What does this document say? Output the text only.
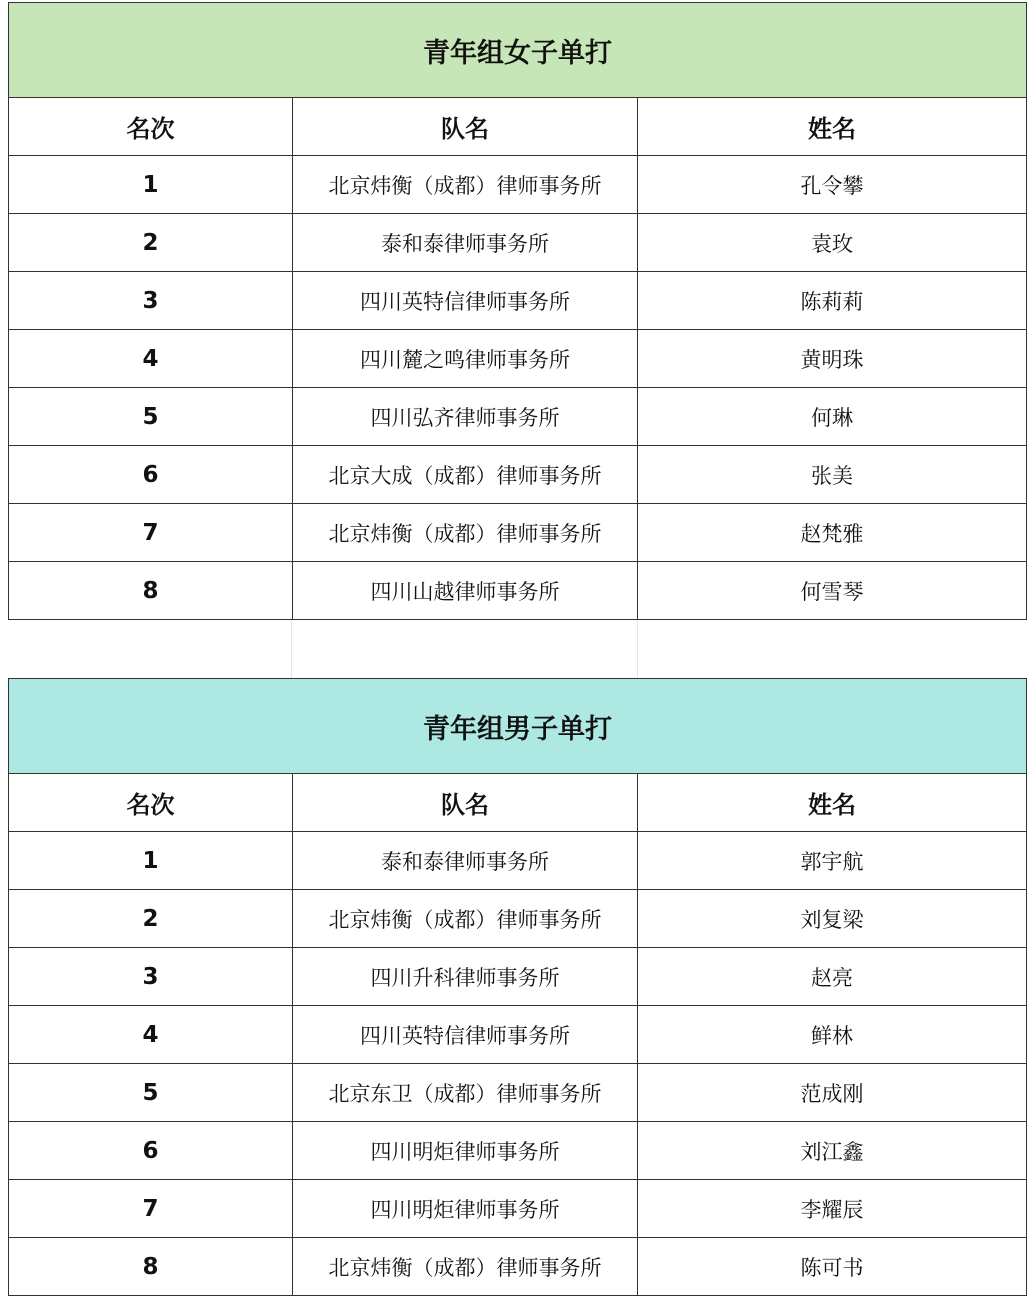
青年组女子单打		
名次	队名	姓名
1	北京炜衡（成都）律师事务所	孔令攀
2	泰和泰律师事务所	袁玫
3	四川英特信律师事务所	陈莉莉
4	四川麓之鸣律师事务所	黄明珠
5	四川弘齐律师事务所	何琳
6	北京大成（成都）律师事务所	张美
7	北京炜衡（成都）律师事务所	赵梵雅
8	四川山越律师事务所	何雪琴
青年组男子单打		
名次	队名	姓名
1	泰和泰律师事务所	郭宇航
2	北京炜衡（成都）律师事务所	刘复梁
3	四川升科律师事务所	赵亮
4	四川英特信律师事务所	鲜林
5	北京东卫（成都）律师事务所	范成刚
6	四川明炬律师事务所	刘江鑫
7	四川明炬律师事务所	李耀辰
8	北京炜衡（成都）律师事务所	陈可书
